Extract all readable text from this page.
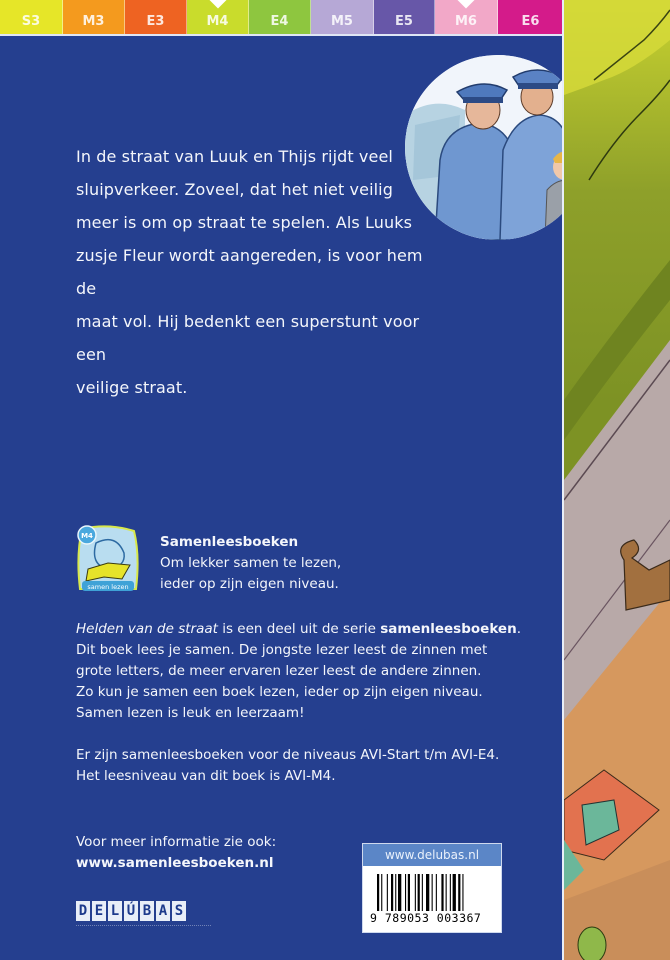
S3	M3	E3	M4	E4	M5	E5	M6	E6
In de straat van Luuk en Thijs rijdt veel
sluipverkeer. Zoveel, dat het niet veilig
meer is om op straat te spelen. Als Luuks
zusje Fleur wordt aangereden, is voor hem de
maat vol. Hij bedenkt een superstunt voor een
veilige straat.
M4
samen lezen
Samenleesboeken
Om lekker samen te lezen,
ieder op zijn eigen niveau.

Helden van de straat is een deel uit de serie samenleesboeken.
Dit boek lees je samen. De jongste lezer leest de zinnen met
grote letters, de meer ervaren lezer leest de andere zinnen.
Zo kun je samen een boek lezen, ieder op zijn eigen niveau.
Samen lezen is leuk en leerzaam!

Er zijn samenleesboeken voor de niveaus AVI-Start t/m AVI-E4.
Het leesniveau van dit boek is AVI-M4.

Voor meer informatie zie ook:
www.samenleesboeken.nl
D E L Ú B A S
www.delubas.nl
9 789053 003367
